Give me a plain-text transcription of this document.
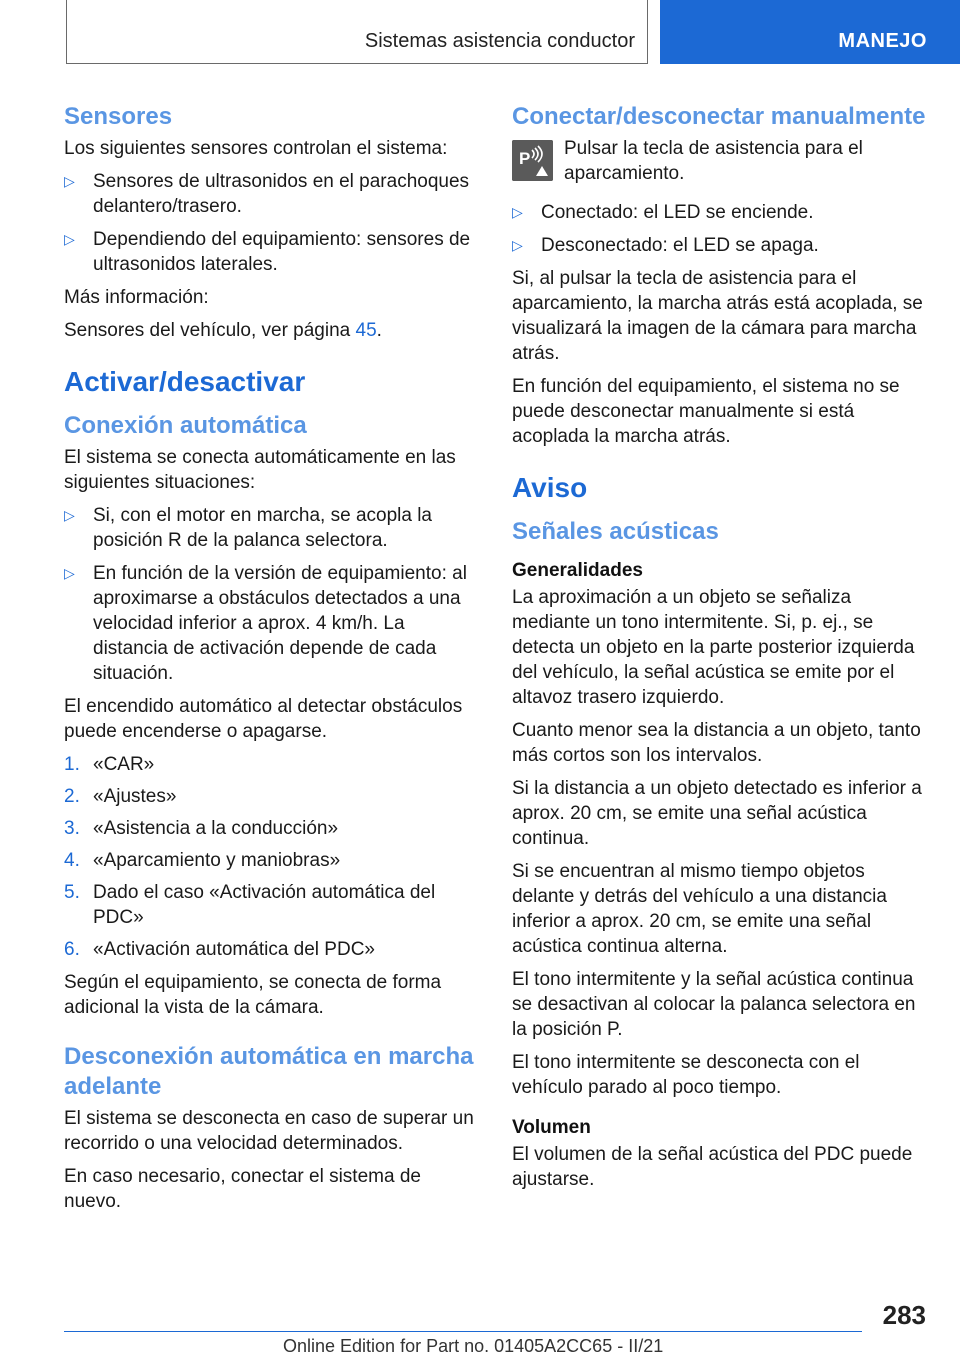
Sistemas asistencia conductor	MANEJO
Sensores

Los siguientes sensores controlan el sistema:

▷ Sensores de ultrasonidos en el parachoques delantero/trasero.
▷ Dependiendo del equipamiento: sensores de ultrasonidos laterales.

Más información:

Sensores del vehículo, ver página 45.

Activar/desactivar
Conexión automática

El sistema se conecta automáticamente en las siguientes situaciones:

▷ Si, con el motor en marcha, se acopla la posición R de la palanca selectora.
▷ En función de la versión de equipamiento: al aproximarse a obstáculos detectados a una velocidad inferior a aprox. 4 km/h. La distancia de activación depende de cada situación.

El encendido automático al detectar obstáculos puede encenderse o apagarse.

1. «CAR»
2. «Ajustes»
3. «Asistencia a la conducción»
4. «Aparcamiento y maniobras»
5. Dado el caso «Activación automática del PDC»
6. «Activación automática del PDC»

Según el equipamiento, se conecta de forma adicional la vista de la cámara.

Desconexión automática en marcha adelante

El sistema se desconecta en caso de superar un recorrido o una velocidad determinados.

En caso necesario, conectar el sistema de nuevo.

Conectar/desconectar manualmente
P Pulsar la tecla de asistencia para el aparcamiento.

▷ Conectado: el LED se enciende.
▷ Desconectado: el LED se apaga.

Si, al pulsar la tecla de asistencia para el aparcamiento, la marcha atrás está acoplada, se visualizará la imagen de la cámara para marcha atrás.

En función del equipamiento, el sistema no se puede desconectar manualmente si está acoplada la marcha atrás.

Aviso
Señales acústicas
Generalidades

La aproximación a un objeto se señaliza mediante un tono intermitente. Si, p. ej., se detecta un objeto en la parte posterior izquierda del vehículo, la señal acústica se emite por el altavoz trasero izquierdo.

Cuanto menor sea la distancia a un objeto, tanto más cortos son los intervalos.

Si la distancia a un objeto detectado es inferior a aprox. 20 cm, se emite una señal acústica continua.

Si se encuentran al mismo tiempo objetos delante y detrás del vehículo a una distancia inferior a aprox. 20 cm, se emite una señal acústica continua alterna.

El tono intermitente y la señal acústica continua se desactivan al colocar la palanca selectora en la posición P.

El tono intermitente se desconecta con el vehículo parado al poco tiempo.

Volumen

El volumen de la señal acústica del PDC puede ajustarse.

283
Online Edition for Part no. 01405A2CC65 - II/21
